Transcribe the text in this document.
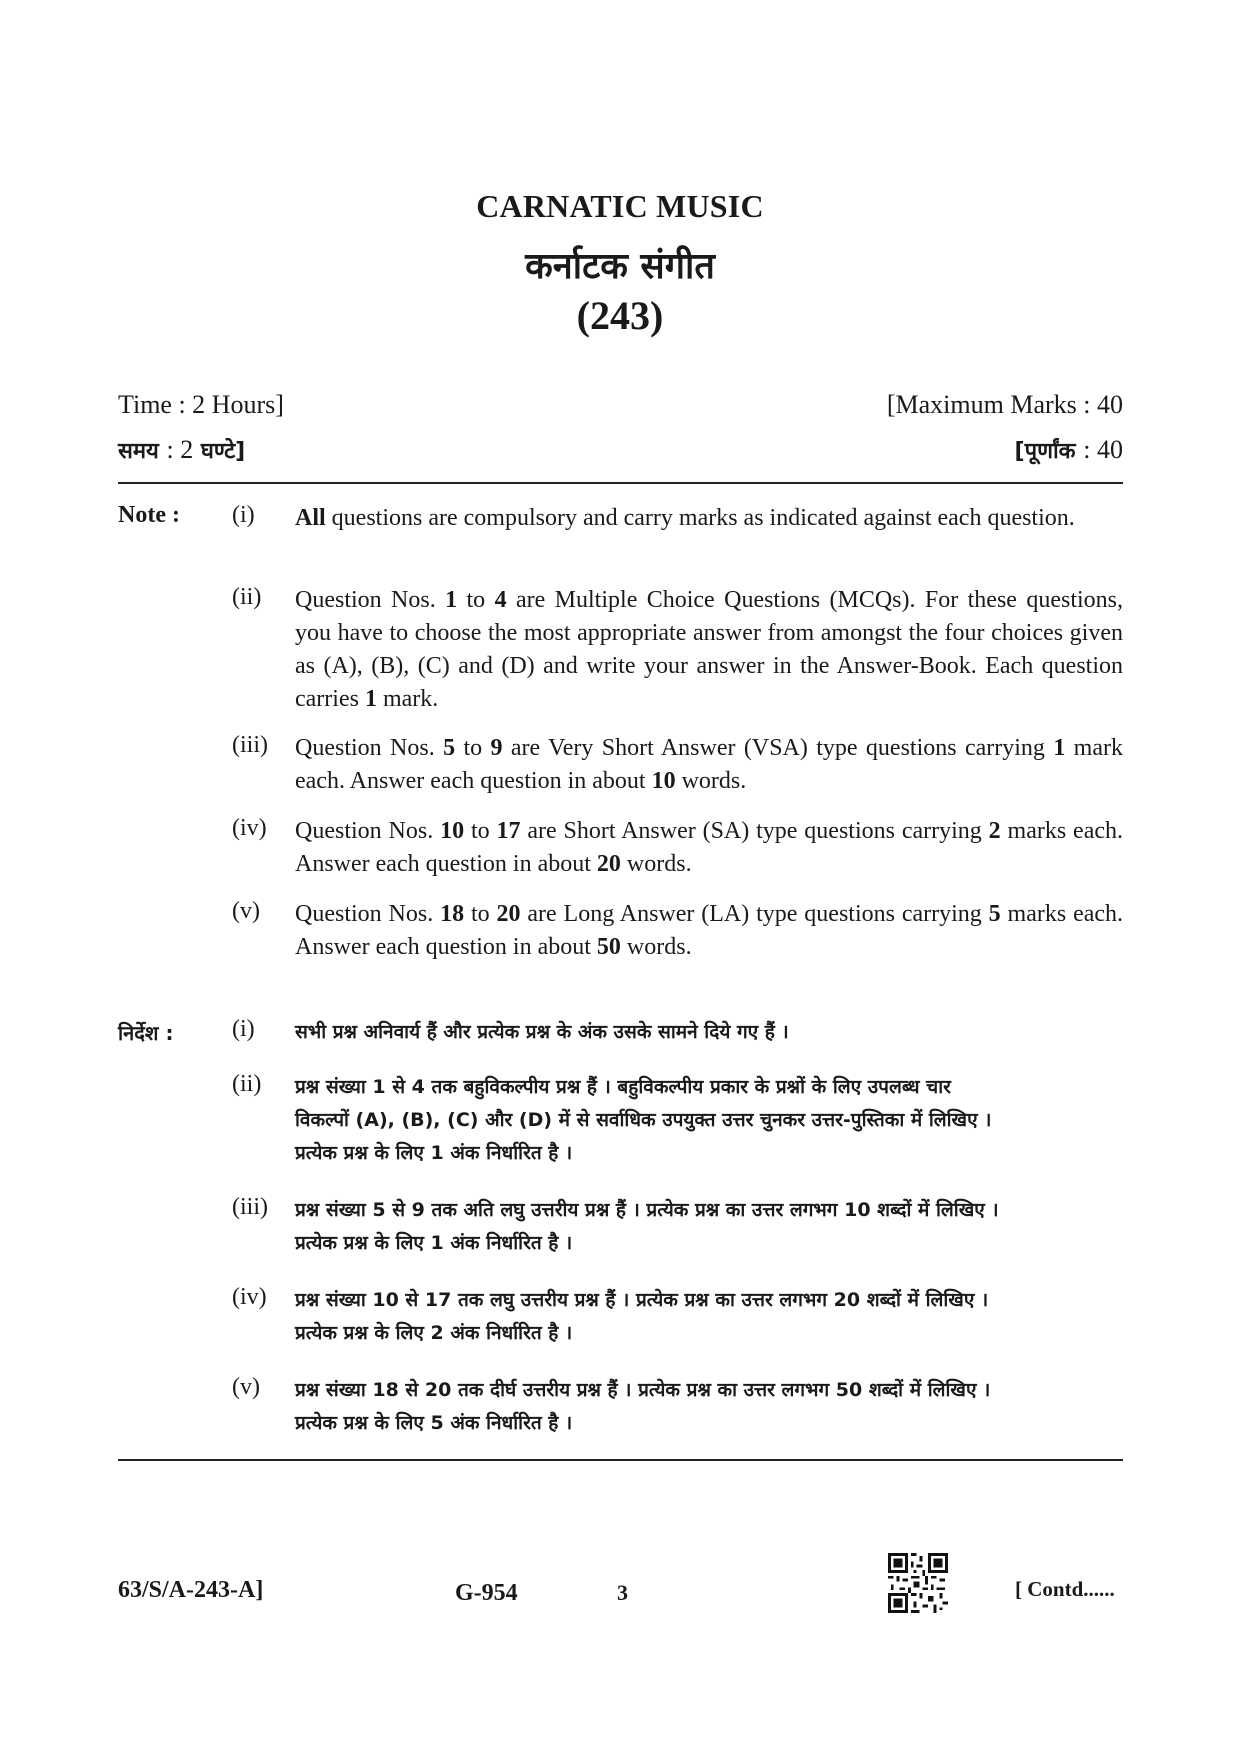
CARNATIC MUSIC
कर्नाटक संगीत
(243)
Time : 2 Hours]	[Maximum Marks : 40
समय : 2 घण्टे]	[पूर्णांक : 40
Note : (i) All questions are compulsory and carry marks as indicated against each question.
(ii) Question Nos. 1 to 4 are Multiple Choice Questions (MCQs). For these questions, you have to choose the most appropriate answer from amongst the four choices given as (A), (B), (C) and (D) and write your answer in the Answer-Book. Each question carries 1 mark.
(iii) Question Nos. 5 to 9 are Very Short Answer (VSA) type questions carrying 1 mark each. Answer each question in about 10 words.
(iv) Question Nos. 10 to 17 are Short Answer (SA) type questions carrying 2 marks each. Answer each question in about 20 words.
(v) Question Nos. 18 to 20 are Long Answer (LA) type questions carrying 5 marks each. Answer each question in about 50 words.
निर्देश : (i) सभी प्रश्न अनिवार्य हैं और प्रत्येक प्रश्न के अंक उसके सामने दिये गए हैं ।
(ii) प्रश्न संख्या 1 से 4 तक बहुविकल्पीय प्रश्न हैं । बहुविकल्पीय प्रकार के प्रश्नों के लिए उपलब्ध चार
विकल्पों (A), (B), (C) और (D) में से सर्वाधिक उपयुक्त उत्तर चुनकर उत्तर-पुस्तिका में लिखिए ।
प्रत्येक प्रश्न के लिए 1 अंक निर्धारित है ।
(iii) प्रश्न संख्या 5 से 9 तक अति लघु उत्तरीय प्रश्न हैं । प्रत्येक प्रश्न का उत्तर लगभग 10 शब्दों में लिखिए ।
प्रत्येक प्रश्न के लिए 1 अंक निर्धारित है ।
(iv) प्रश्न संख्या 10 से 17 तक लघु उत्तरीय प्रश्न हैं । प्रत्येक प्रश्न का उत्तर लगभग 20 शब्दों में लिखिए ।
प्रत्येक प्रश्न के लिए 2 अंक निर्धारित है ।
(v) प्रश्न संख्या 18 से 20 तक दीर्घ उत्तरीय प्रश्न हैं । प्रत्येक प्रश्न का उत्तर लगभग 50 शब्दों में लिखिए ।
प्रत्येक प्रश्न के लिए 5 अंक निर्धारित है ।
63/S/A-243-A]	G-954	3	[ Contd......
